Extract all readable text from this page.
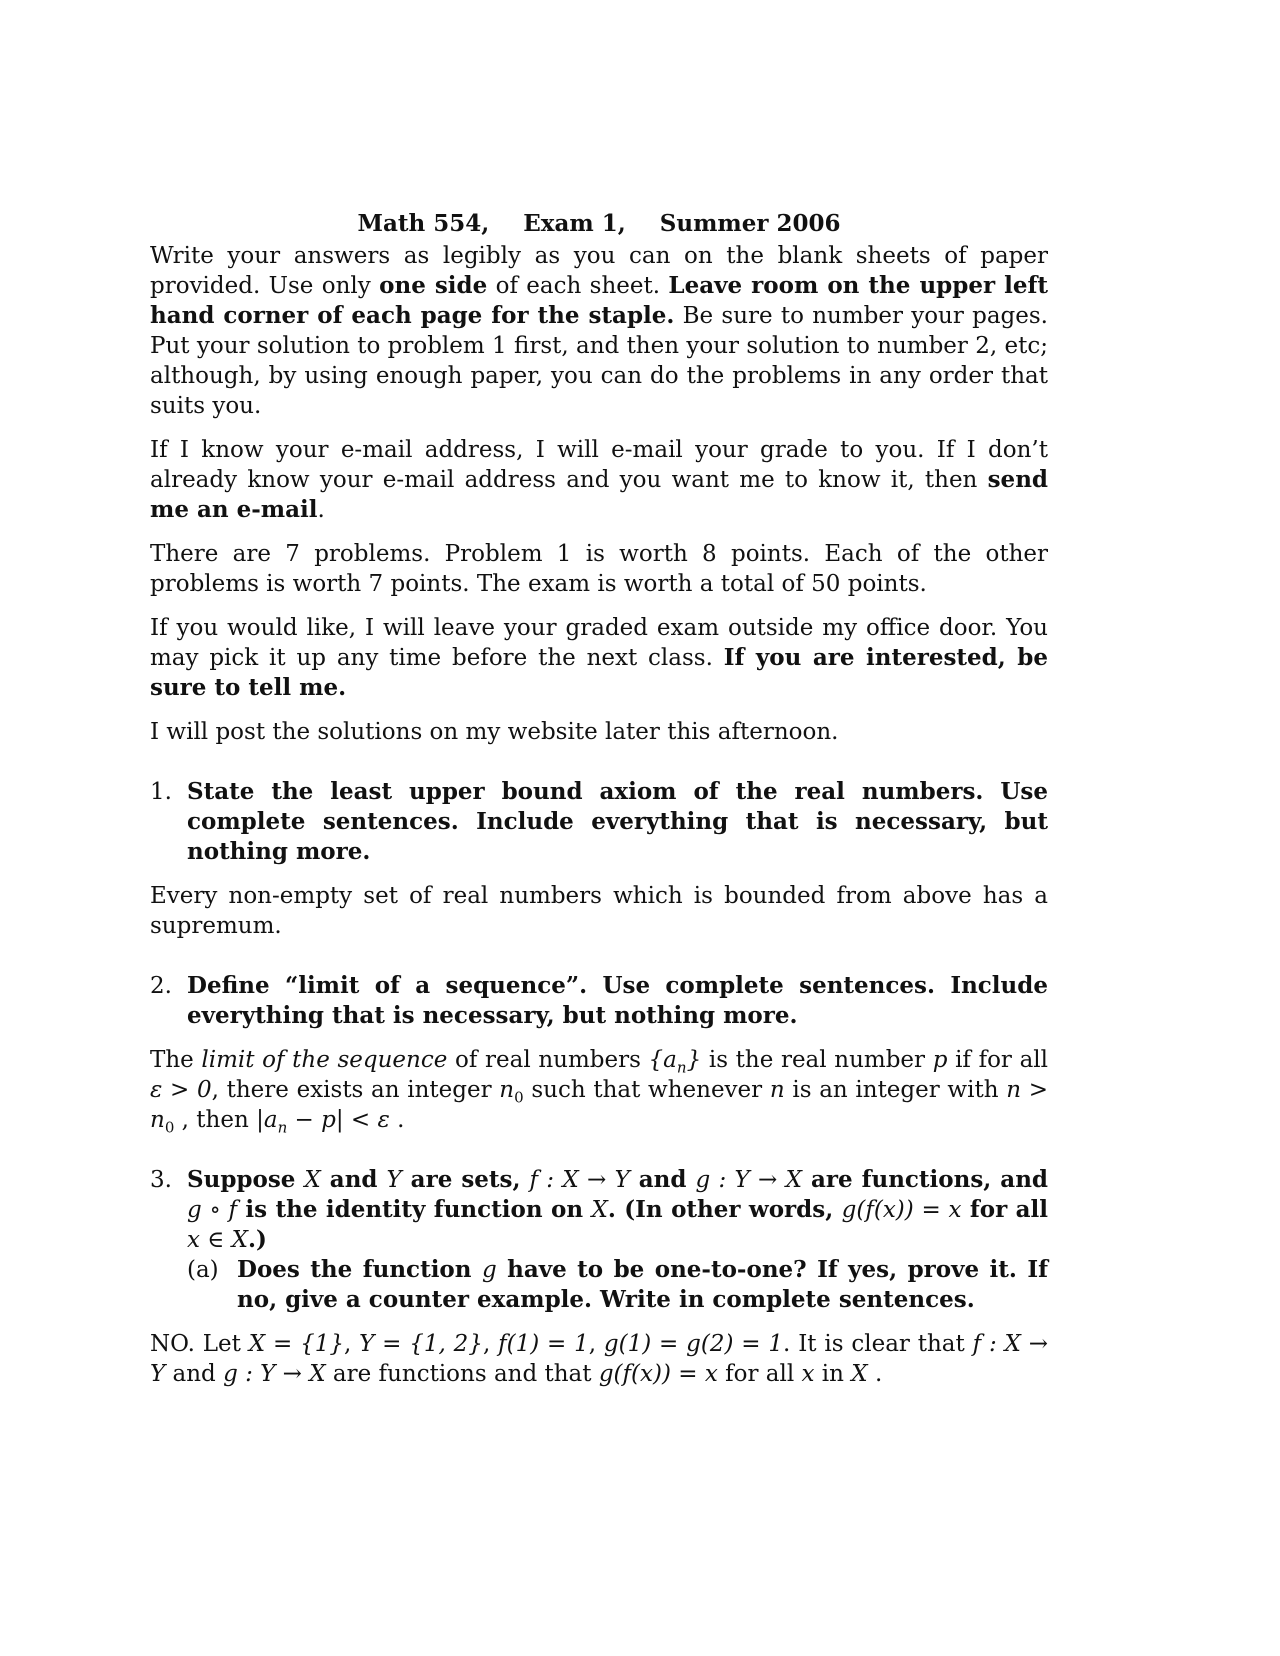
Math 554, Exam 1, Summer 2006

Write your answers as legibly as you can on the blank sheets of paper provided. Use only one side of each sheet. Leave room on the upper left hand corner of each page for the staple. Be sure to number your pages. Put your solution to problem 1 first, and then your solution to number 2, etc; although, by using enough paper, you can do the problems in any order that suits you.

If I know your e-mail address, I will e-mail your grade to you. If I don’t already know your e-mail address and you want me to know it, then send me an e-mail.

There are 7 problems. Problem 1 is worth 8 points. Each of the other problems is worth 7 points. The exam is worth a total of 50 points.

If you would like, I will leave your graded exam outside my office door. You may pick it up any time before the next class. If you are interested, be sure to tell me.

I will post the solutions on my website later this afternoon.

1. State the least upper bound axiom of the real numbers. Use complete sentences. Include everything that is necessary, but nothing more.

Every non-empty set of real numbers which is bounded from above has a supremum.

2. Define “limit of a sequence”. Use complete sentences. Include everything that is necessary, but nothing more.

The limit of the sequence of real numbers $\{a_n\}$ is the real number p if for all ε > 0, there exists an integer $n_0$ such that whenever n is an integer with $n > n_0$ , then $|a_n - p| < \varepsilon$ .

3. Suppose X and Y are sets, f : X → Y and g : Y → X are functions, and g ∘ f is the identity function on X. (In other words, g(f(x)) = x for all x ∈ X.)
(a) Does the function g have to be one-to-one? If yes, prove it. If no, give a counter example. Write in complete sentences.

NO. Let X = {1}, Y = {1, 2}, f(1) = 1, g(1) = g(2) = 1. It is clear that f : X → Y and g : Y → X are functions and that g(f(x)) = x for all x in X .
